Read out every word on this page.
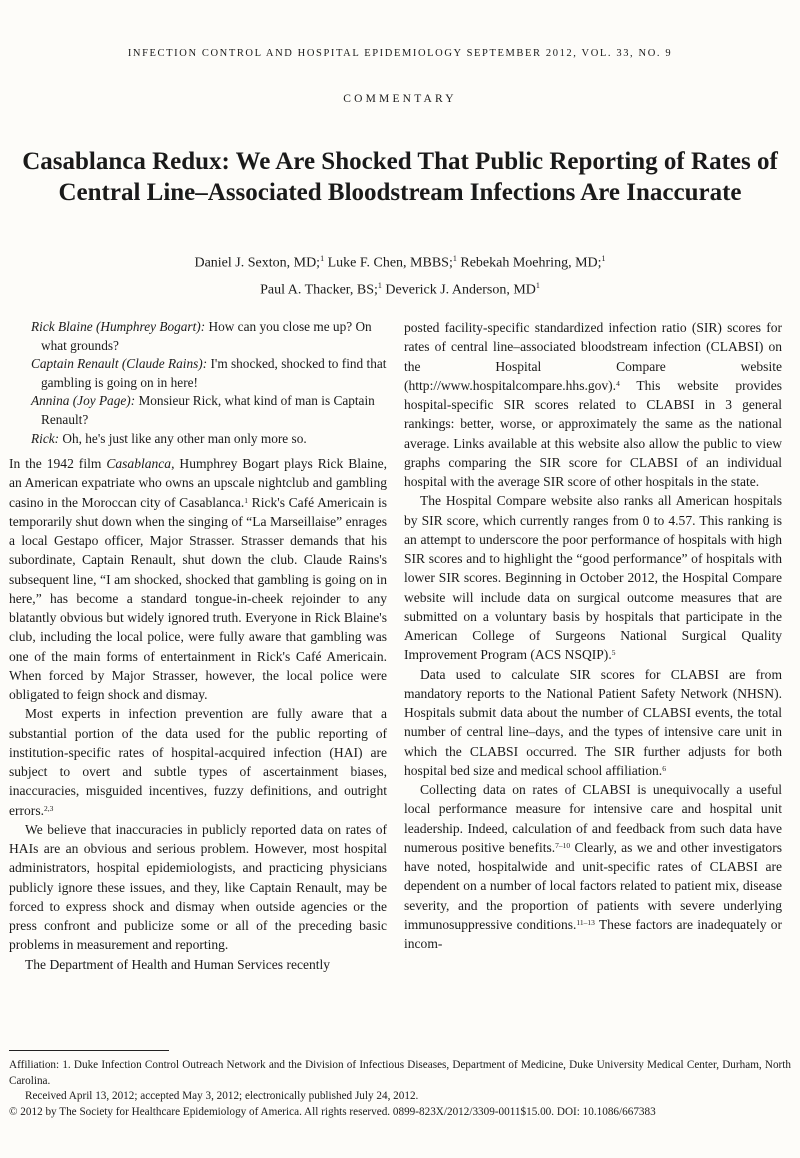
INFECTION CONTROL AND HOSPITAL EPIDEMIOLOGY SEPTEMBER 2012, VOL. 33, NO. 9
COMMENTARY
Casablanca Redux: We Are Shocked That Public Reporting of Rates of Central Line–Associated Bloodstream Infections Are Inaccurate
Daniel J. Sexton, MD;$^1$ Luke F. Chen, MBBS;$^1$ Rebekah Moehring, MD;$^1$
Paul A. Thacker, BS;$^1$ Deverick J. Anderson, $MD^1$
Rick Blaine (Humphrey Bogart): How can you close me up? On what grounds?
Captain Renault (Claude Rains): I'm shocked, shocked to find that gambling is going on in here!
Annina (Joy Page): Monsieur Rick, what kind of man is Captain Renault?
Rick: Oh, he's just like any other man only more so.

In the 1942 film Casablanca, Humphrey Bogart plays Rick Blaine, an American expatriate who owns an upscale nightclub and gambling casino in the Moroccan city of Casablanca.$^1$ Rick's Café Americain is temporarily shut down when the singing of “La Marseillaise” enrages a local Gestapo officer, Major Strasser. Strasser demands that his subordinate, Captain Renault, shut down the club. Claude Rains's subsequent line, “I am shocked, shocked that gambling is going on in here,” has become a standard tongue-in-cheek rejoinder to any blatantly obvious but widely ignored truth. Everyone in Rick Blaine's club, including the local police, were fully aware that gambling was one of the main forms of entertainment in Rick's Café Americain. When forced by Major Strasser, however, the local police were obligated to feign shock and dismay.

Most experts in infection prevention are fully aware that a substantial portion of the data used for the public reporting of institution-specific rates of hospital-acquired infection (HAI) are subject to overt and subtle types of ascertainment biases, inaccuracies, misguided incentives, fuzzy definitions, and outright errors.$^{2,3}$

We believe that inaccuracies in publicly reported data on rates of HAIs are an obvious and serious problem. However, most hospital administrators, hospital epidemiologists, and practicing physicians publicly ignore these issues, and they, like Captain Renault, may be forced to express shock and dismay when outside agencies or the press confront and publicize some or all of the preceding basic problems in measurement and reporting.

The Department of Health and Human Services recently

posted facility-specific standardized infection ratio (SIR) scores for rates of central line–associated bloodstream infection (CLABSI) on the Hospital Compare website (http://www.hospitalcompare.hhs.gov).$^4$ This website provides hospital-specific SIR scores related to CLABSI in 3 general rankings: better, worse, or approximately the same as the national average. Links available at this website also allow the public to view graphs comparing the SIR score for CLABSI of an individual hospital with the average SIR score of other hospitals in the state.

The Hospital Compare website also ranks all American hospitals by SIR score, which currently ranges from 0 to 4.57. This ranking is an attempt to underscore the poor performance of hospitals with high SIR scores and to highlight the “good performance” of hospitals with lower SIR scores. Beginning in October 2012, the Hospital Compare website will include data on surgical outcome measures that are submitted on a voluntary basis by hospitals that participate in the American College of Surgeons National Surgical Quality Improvement Program (ACS NSQIP).$^5$

Data used to calculate SIR scores for CLABSI are from mandatory reports to the National Patient Safety Network (NHSN). Hospitals submit data about the number of CLABSI events, the total number of central line–days, and the types of intensive care unit in which the CLABSI occurred. The SIR further adjusts for both hospital bed size and medical school affiliation.$^6$

Collecting data on rates of CLABSI is unequivocally a useful local performance measure for intensive care and hospital unit leadership. Indeed, calculation of and feedback from such data have numerous positive benefits.$^{7-10}$ Clearly, as we and other investigators have noted, hospitalwide and unit-specific rates of CLABSI are dependent on a number of local factors related to patient mix, disease severity, and the proportion of patients with severe underlying immunosuppressive conditions.$^{11-13}$ These factors are inadequately or incom-

Affiliation: 1. Duke Infection Control Outreach Network and the Division of Infectious Diseases, Department of Medicine, Duke University Medical Center, Durham, North Carolina.

Received April 13, 2012; accepted May 3, 2012; electronically published July 24, 2012.

© 2012 by The Society for Healthcare Epidemiology of America. All rights reserved. 0899-823X/2012/3309-0011$15.00. DOI: 10.1086/667383
